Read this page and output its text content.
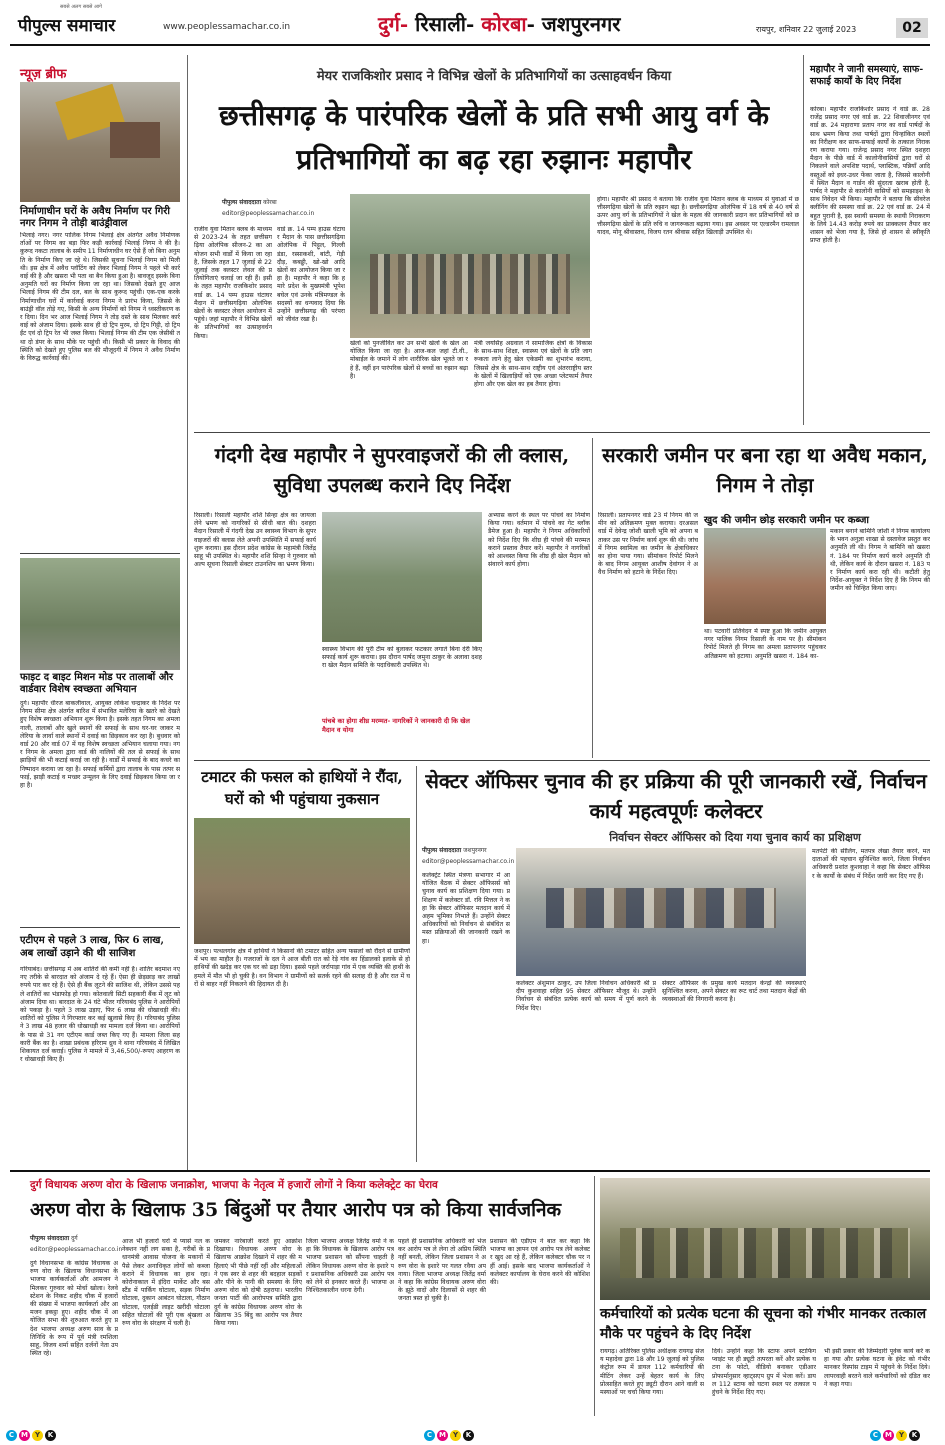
पीपुल्स समाचार
सबसे अलग सबसे आगे
www.peoplessamachar.co.in	दुर्ग- रिसाली- कोरबा- जशपुरनगर	रायपुर, शनिवार 22 जुलाई 2023	02
न्यूज़ ब्रीफ
निर्माणाधीन घरों के अवैध निर्माण पर गिरी नगर निगम ने तोड़ी बाउंड्रीवाल
भिलाई नगर। नगर पालिक निगम भिलाई क्षेत्र अंतर्गत अवैध निर्माणकर्ताओं पर निगम का बड़ा फिर कड़ी कार्रवाई भिलाई निगम ने की है। कुरूद नकटा तालाब के समीप 11 निर्माणाधीन घर ऐसे हैं जो बिना अनुमति के निर्माण किए जा रहे थे। जिसकी सूचना भिलाई निगम को मिली थी। इस क्षेत्र में अवैध प्लॉटिंग को लेकर भिलाई निगम ने पहले भी कार्रवाई की है और खसरा भी पता था बैन किया हुआ है। बावजूद इसके बिना अनुमति घरों का निर्माण किया जा रहा था। जिसको देखते हुए आज भिलाई निगम की टीम दल, बल के साथ कुरूद पहुंची। एक-एक करके निर्माणाधीन घरों में कार्रवाई करना निगम ने प्रारंभ किया, जिससे के बाउंड्री वॉल तोड़े गए, किसी के अन्य निर्माणों को निगम ने ध्वस्तीकरण कर दिया। दिन भर आज भिलाई निगम ने तोड़ दस्ते के साथ मिलकर कार्रवाई को अंजाम दिया। इसके साथ ही दो ट्रिप मुरम, दो ट्रिप गिट्टी, दो ट्रिप ईंट एवं दो ट्रिप रेत भी जब्त किया। भिलाई निगम की टीम एक जेसीबी तथा दो डंपर के साथ मौके पर पहुंची थी। किसी भी प्रकार के विवाद की स्थिति को देखते हुए पुलिस बल की मौजूदगी में निगम ने अवैध निर्माण के विरुद्ध कार्रवाई की।
फाइट द बाइट मिशन मोड पर तालाबों और वार्डवार विशेष स्वच्छता अभियान
दुर्ग। महापौर धीरज बाकलीवाल, आयुक्त लोकेश चन्द्राकर के निर्देश पर निगम सीमा क्षेत्र अंतर्गत बारिश में संभावित मलेरिया के खतरे को देखते हुए विशेष स्वच्छता अभियान शुरू किया है। इसके तहत निगम का अमला नाली, तालाबों और खुले स्थानों की सफाई के साथ घर-घर जाकर मलेरिया के लार्वा वाले स्थानों में दवाई का छिड़काव कर रहा है। बुधवार को वार्ड 20 और वार्ड 07 में यह विशेष स्वच्छता अभियान चलाया गया। नगर निगम के अमला द्वारा वार्ड की नालियों की तल से सफाई के साथ झाड़ियों की भी कटाई कराई जा रही है। वार्डों में सफाई के बाद कचरे का निष्पादन कराया जा रहा है। सफाई कर्मियों द्वारा तालाब के पास तत्पर सफाई, झाड़ी कटाई व मच्छर उन्मूलन के लिए दवाई छिड़काव किया जा रहा है।
एटीएम से पहले 3 लाख, फिर 6 लाख, अब लाखों उड़ाने की थी साजिश
गरियाबंद। छत्तीसगढ़ में अब शातिरों की कमी नहीं है। शातिर बदमाश नए नए तरीके से बारदात को अंजाम दे रहे हैं। ऐसा ही छेड़छाड़ कर लाखों रुपये पार कर रहे हैं। ऐसे ही बैंक लूटने की साजिश थी, लेकिन उससे पहले शातिरों का भंडाफोड़ हो गया। कोतवाली सिटी सहकारी बैंक में लूट को अंजाम दिया था। बारदात के 24 घंटे भीतर गरियाबंद पुलिस ने आरोपियों को पकड़ा है। पहले 3 लाख उड़ाए, फिर 6 लाख की धोखाधड़ी की। शातिरों को पुलिस ने गिरफ्तार कर कई खुलासे किए हैं। गरियाबंद पुलिस ने 3 लाख 48 हजार की धोखाधड़ी का मामला दर्ज किया था। आरोपियों के पास से 31 नग एटीएम कार्ड जब्त किए गए हैं। मामला जिला सहकारी बैंक का है। शाखा प्रबंधक हरिराम ध्रुव ने थाना गरियाबंद में लिखित शिकायत दर्ज कराई। पुलिस ने मामले में 3,46,500/-रूपए आहरण कर धोखाधड़ी किए हैं।
मेयर राजकिशोर प्रसाद ने विभिन्न खेलों के प्रतिभागियों का उत्साहवर्धन किया
छत्तीसगढ़ के पारंपरिक खेलों के प्रति सभी आयु वर्ग के प्रतिभागियों का बढ़ रहा रुझानः महापौर
पीपुल्स संवाददाता कोरबा
editor@peoplessamachar.co.in
राजीव युवा मितान क्लब के माध्यम से 2023-24 के तहत छत्तीसगढ़िया ओलंपिक सीजन-2 का आयोजन सभी वार्डों में किया जा रहा है, जिसके तहत 17 जुलाई से 22 जुलाई तक क्लस्टर लेवल की प्रतियोगिताएं चलाई जा रही हैं। इसी के तहत महापौर राजकिशोर प्रसाद वार्ड क्र. 14 पम्प हाउस घंटाघर मैदान में छत्तीसगढ़िया ओलंपिक खेलों के क्लस्टर लेवल आयोजन में पहुंचे। जहां महापौर ने विभिन्न खेलों के प्रतिभागियों का उत्साहवर्धन किया।
वार्ड क्र. 14 पम्प हाउस घंटाघर मैदान के पास छत्तीसगढ़िया ओलंपिक में पिट्टूल, गिल्ली डंडा, रस्साकशी, बांटी, गेड़ी दौड़, कबड्डी, खो-खो आदि खेलों का आयोजन किया जा रहा है। महापौर ने कहा कि हमारे प्रदेश के मुख्यमंत्री भूपेश बघेल एवं उनके मंत्रिमण्डल के सदस्यों का धन्यवाद दिया कि उन्होंने छत्तीसगढ़ की परंपरा को जीवंत रखा है।
खेलों को पुनर्जीवित कर उन सभी खेलों के खेल आयोजित किया जा रहा है। आज-कल जहां टी.वी., मोबाईल के जमाने में लोग शारीरिक खेल भूलते जा रहे हैं, वहीं इन पारंपरिक खेलों से बच्चों का रुझान बढ़ा है।
मंत्री जयसिंह अग्रवाल ने सामाजिक क्षेत्रों के विकास के साथ-साथ शिक्षा, स्वास्थ्य एवं खेलों के प्रति जागरूकता लाने हेतु खेल एकेडमी का शुभारंभ कराया, जिससे क्षेत्र के साथ-साथ राष्ट्रीय एवं अंतरराष्ट्रीय स्तर के खेलों में खिलाड़ियों को एक अच्छा प्लेटफार्म तैयार होगा और एक खेल का हब तैयार होगा।
होगा। महापौर श्री प्रसाद ने बताया कि राजीव युवा मितान क्लब के माध्यम से युवाओं में छत्तीसगढ़िया खेलों के प्रति रुझान बढ़ा है। छत्तीसगढ़िया ओलंपिक में 18 वर्ष से 40 वर्ष से ऊपर आयु वर्ग के प्रतिभागियों ने खेल के महत्व की जानकारी प्रदान कर प्रतिभागियों को छत्तीसगढ़िया खेलों के प्रति रुचि व जागरूकता बढ़ाया गया। इस अवसर पर एल्डरमैन रामलाल यादव, मोनू श्रीवास्तव, विजय रतन श्रीवास सहित खिलाड़ी उपस्थित थे।
महापौर ने जानी समस्याएं, साफ-सफाई कार्यों के दिए निर्देश
कोरबा। महापौर राजकिशोर प्रसाद ने वार्ड क्र. 28 राजेंद्र प्रसाद नगर एवं वार्ड क्र. 22 शिवाजीनगर एवं वार्ड क्र. 24 महाराणा प्रताप नगर का वार्ड पार्षदों के साथ भ्रमण किया तथा पार्षदों द्वारा चिन्हांकित स्थलों का निरीक्षण कर साफ-सफाई कार्यों के तत्काल निराकरण कराया गया। राजेन्द्र प्रसाद नगर स्थित दशहरा मैदान के पीछे वार्ड में कालोनीवासियों द्वारा घरों से निकलने वाले अपशिष्ट पदार्थ, प्लास्टिक, पन्नियाँ आदि वस्तुओं को इधर-उधर फेंका जाता है, जिससे कालोनी में स्थित मैदान व गार्डन की सुंदरता खराब होती है, पार्षद ने महापौर से कालोनी वासियों को समझाइश के साथ निवेदन भी किया। महापौर ने बताया कि सीवरेज क्लीनिंग की समस्या वार्ड क्र. 22 एवं वार्ड क्र. 24 में बहुत पुरानी है, इस स्थायी समस्या के स्थायी निराकरण के लिये 14.43 करोड़ रुपये का प्राक्कलन तैयार कर शासन को भेजा गया है, जिसे हो शासन से स्वीकृति प्राप्त होती है।
गंदगी देख महापौर ने सुपरवाइजरों की ली क्लास, सुविधा उपलब्ध कराने दिए निर्देश
रिसाली। रिसाली महापौर शशि सिन्हा क्षेत्र का जायजा लेने भ्रमण को नागरिकों से सीधी बात की। दशहरा मैदान रिसाली में गंदगी देख उन स्वास्थ्य विभाग के सुपरवाइजरों की क्लास लेते अपनी उपस्थिति में सफाई कार्य शुरू कराया। इस दौरान प्रदेश कांग्रेस के महामंत्री जितेंद्र साहू भी उपस्थित थे। महापौर शशि सिन्हा ने गुरुवार को अल्प सूचना रिसाली सेक्टर टाउनशिप का भ्रमण किया।
स्वास्थ्य विभाग की पूरी टीम को बुलाकर फटकार लगाते बिना देरी किए सफाई कार्य शुरू कराया। इस दौरान पार्षद जमुना ठाकुर के अलावा दशहरा खेल मैदान समिति के पदाधिकारी उपस्थित थे।
पांचबे का होगा शीघ्र मरम्मत- नागरिकों ने जानकारी दी कि खेल मैदान व योगा
अभ्यास करने के स्थल पर पांचवे का निर्माण किया गया। वर्तमान में पांचवे का गेट ब्लॉक डैमेज हुआ है। महापौर ने निगम अधिकारियों को निर्देश दिए कि शीघ्र ही पांचवे की मरम्मत कराने प्रस्ताव तैयार करें। महापौर ने नागरिकों को आश्वस्त किया कि शीघ्र ही खेल मैदान को संवारने कार्य होगा।
सरकारी जमीन पर बना रहा था अवैध मकान, निगम ने तोड़ा
रिसाली। प्रतापनगर वार्ड 23 में निगम की जमीन को अतिक्रमण मुक्त कराया। दरअसल वार्ड में देवेन्द्र जोशी खाली भूमि को अपना बताकर उस पर निर्माण कार्य शुरू की थी। जांच में निगम स्वामित्व का जमीन के क्षेत्राधिकार का होना पाया गया। सीमांकन रिपोर्ट मिलने के बाद निगम आयुक्त आशीष देवांगन ने अवैध निर्माण को हटाने के निर्देश दिए।
खुद की जमीन छोड़ सरकारी जमीन पर कब्जा
था। पटवारी प्रतिवेदन में स्पष्ट हुआ कि जमीन आयुक्त नगर पालिक निगम रिसाली के नाम पर है। सीमांकन रिपोर्ट मिलते ही निगम का अमला प्रतापनगर पहुंचकर अतिक्रमण को हटाया। अनुमति खसरा नं. 184 का-
मकान बनाने बामिनि जोशी ने निगम कार्यालय के भवन अनुज्ञा शाखा से दस्तावेज प्रस्तुत कर अनुमति ली थी। निगम ने बामिनि को खसरा नं. 184 पर निर्माण कार्य करने अनुमति दी थी, लेकिन कार्य के दौरान खसरा नं. 183 पर निर्माण कार्य करा रही थी। कटौती हेतु निर्देश-आयुक्त ने निर्देश दिए हैं कि निगम की जमीन को चिन्हित किया जाए।
टमाटर की फसल को हाथियों ने रौंदा, घरों को भी पहुंचाया नुकसान
जशपुर। पत्थलगांव क्षेत्र में हाथियों ने किसानों की टमाटर सहित अन्य फसलों को रौंदने से ग्रामीणों में भय का माहौल है। गजराजों के दल ने आज बीती रात को रेड़े गांव का हिंडालको इलाके से हो हाथियों की खदेड़ कर एक घर को ढहा दिया। इससे पहले जर्रापाड़ा गांव में एक व्यक्ति की हाथी के हमले में मौत भी हो चुकी है। वन विभाग ने ग्रामीणों को सतर्क रहने की सलाह दी है और रात में घरों से बाहर नहीं निकलने की हिदायत दी है।
सेक्टर ऑफिसर चुनाव की हर प्रक्रिया की पूरी जानकारी रखें, निर्वाचन कार्य महत्वपूर्णः कलेक्टर
निर्वाचन सेक्टर ऑफिसर को दिया गया चुनाव कार्य का प्रशिक्षण
पीपुल्स संवाददाता जशपुरनगर
editor@peoplessamachar.co.in
कलेक्ट्रेट स्थित मंत्रणा सभागार में आयोजित बैठक में सेक्टर ऑफिसर्स को चुनाव कार्य का प्रशिक्षण दिया गया। प्रशिक्षण में कलेक्टर डॉ. रवि मित्तल ने कहा कि सेक्टर ऑफिसर मतदान कार्य में अहम भूमिका निभाते हैं। उन्होंने सेक्टर अधिकारियों को निर्वाचन से संबंधित समस्त प्रक्रियाओं की जानकारी रखने कहा।
कलेक्टर अंशुमान ठाकुर, उप जिला निर्वाचन अधिकारी श्री प्रदीप कुशवाहा सहित 95 सेक्टर ऑफिसर मौजूद थे। उन्होंने निर्वाचन से संबंधित प्रत्येक कार्य को समय में पूर्ण करने के निर्देश दिए।
सेक्टर ऑफिसर के प्रमुख कार्य मतदान केन्द्रों की व्यवस्थाएं सुनिश्चित करना, अपने सेक्टर का रूट चार्ट तथा मतदान केंद्रों की व्यवस्थाओं की निगरानी करना है।
मतपेटी की सीलिंग, मतपत्र लेखा तैयार करने, मतदाताओं की पहचान सुनिश्चित करने, जिला निर्वाचन अधिकारी प्रशांत कुशवाहा ने कहा कि सेक्टर ऑफिसर के कार्यों के संबंध में निर्देश जारी कर दिए गए हैं।
दुर्ग विधायक अरुण वोरा के खिलाफ जनाक्रोश, भाजपा के नेतृत्व में हजारों लोगों ने किया कलेक्ट्रेट का घेराव
अरुण वोरा के खिलाफ 35 बिंदुओं पर तैयार आरोप पत्र को किया सार्वजनिक
पीपुल्स संवाददाता दुर्ग
editor@peoplessamachar.co.in
दुर्ग विधानसभा के कांग्रेस विधायक अरुण वोरा के खिलाफ विधानसभा के भाजपा कार्यकर्ताओं और आमजन ने मिलकर गुरुवार को मोर्चा खोला। रेलवे स्टेशन के निकट शहीद चौक में हजारों की संख्या में भाजपा कार्यकर्ता और आमजन इकट्ठा हुए। शहीद चौक में आयोजित सभा की शुरुआत करते हुए प्रदेश भाजपा अध्यक्ष अरुण साव के प्रतिनिधि के रूप में पूर्व मंत्री रमशिला साहू, विजय शर्मा सहित दर्जनों नेता उपस्थित रहे।
आज भी हजारों घरों में प्यासे नल कनेक्शन नहीं लग सका है, गरीबों के प्रधानमंत्री आवास योजना के मकानों में पैसे लेकर अनाधिकृत लोगों को कब्जा कराने में विधायक का हाथ रहा। कोरोनाकाल में इंदिरा मार्केट और बस स्टैंड में पार्किंग घोटाला, सड़क निर्माण घोटाला, दुकान आबंटन घोटाला, गौठान घोटाला, एलईडी लाइट खरीदी घोटाला सहित घोटालों की पूरी एक श्रृंखला अरुण वोरा के संरक्षण में चली है।
जमकर नारेबाजी करते हुए आक्रोश दिखाया। विधायक अरुण वोरा के खिलाफ आक्रोश दिखाने में शहर की महिलाएं भी पीछे नहीं रहीं और महिलाओं ने एक स्वर से शहर की बदहाल सड़कों और पीने के पानी की समस्या के लिए अरुण वोरा को दोषी ठहराया। भारतीय जनता पार्टी की आरोपपत्र समिति द्वारा दुर्ग के कांग्रेस विधायक अरुण वोरा के खिलाफ 35 बिंदु का आरोप पत्र तैयार किया गया।
जिला भाजपा अध्यक्ष जितेंद्र वर्मा ने कहा कि विधायक के खिलाफ आरोप पत्र भाजपा प्रशासन को सौंपना चाहती है लेकिन विधायक अरुण वोरा के इशारे पर प्रशासनिक अधिकारी उस आरोप पत्र को लेने से इनकार करते हैं। भाजपा अनिश्चितकालीन धरना देगी।
पहले ही प्रशासनिक अधिकारी को भेजकर आरोप पत्र ले लेना तो अप्रिय स्थिति नहीं बनती, लेकिन जिला प्रशासन ने अरुण वोरा के इशारे पर गलत रवैया अपनाया। जिला भाजपा अध्यक्ष जितेंद्र वर्मा ने कहा कि कांग्रेस विधायक अरुण वोरा के झूठे वादों और दिलासों से शहर की जनता त्रस्त हो चुकी है।
प्रशासन की एडीएम ने बात कर कहा कि भाजपा का ज्ञापन एवं आरोप पत्र लेने कलेक्टर खुद आ रहे हैं, लेकिन कलेक्टर चौक पर नहीं आई। इसके बाद भाजपा कार्यकर्ताओं ने कलेक्टर कार्यालय के घेराव करने की कोशिश की।
कर्मचारियों को प्रत्येक घटना की सूचना को गंभीर मानकर तत्काल मौके पर पहुंचने के दिए निर्देश
रायगढ़। अतिरिक्त पुलिस अधीक्षक रायगढ़ संजय महादेवा द्वारा 18 और 19 जुलाई को पुलिस कंट्रोल रूम में डायल 112 कर्मचारियों की मीटिंग लेकर उन्हें बेहतर कार्य के लिए प्रोत्साहित करते हुए ड्यूटी दौरान आने वाली समस्याओं पर चर्चा किया गया।
दिये। उन्होंने कहा कि स्टाफ अपने स्टाफिंग प्वाइंट पर ही ड्यूटी तत्परता करें और प्रत्येक घटना के फोटो, वीडियो बनाकर एडीआर प्रोफार्मानुसार व्हाट्सएप ग्रुप में भेजा करें। डायल 112 स्टाफ को घटना स्थल पर तत्काल पहुंचने के निर्देश दिए गए।
भी इसी प्रकार की जिम्मेदारी पूर्वक कार्य करें कहा गया और प्रत्येक घटना के इंवेट को गंभीर मानकर रिस्पांस टाइम में पहुंचने के निर्देश दिये। लापरवाही बरतने वाले कर्मचारियों को दंडित करने कहा गया।
C M Y	K	C M Y	K	C M Y	K
